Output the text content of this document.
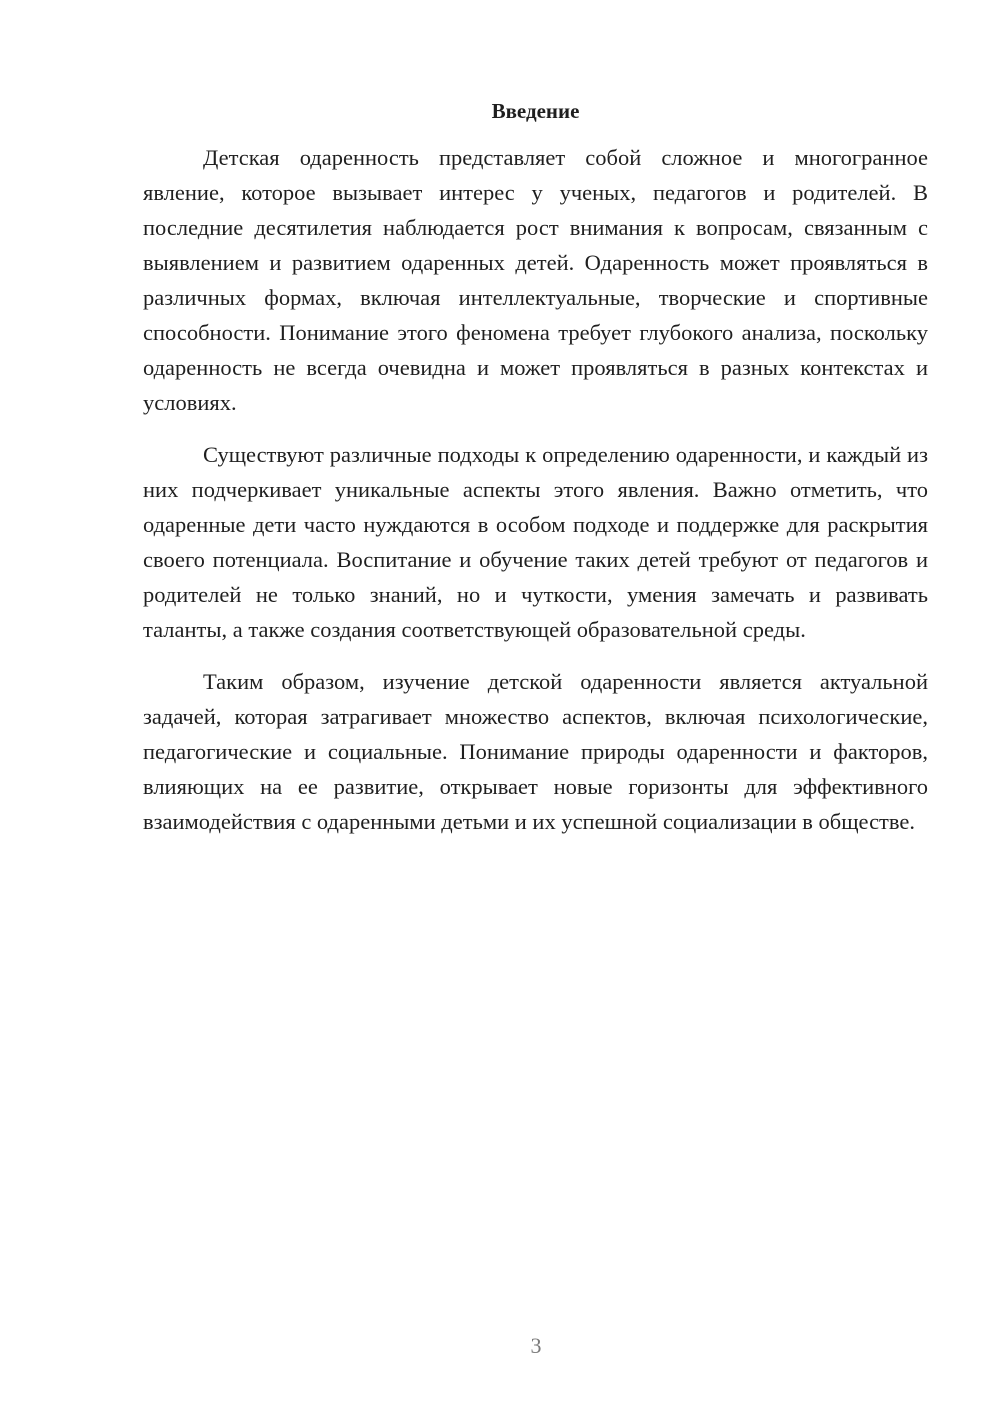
Введение

Детская одаренность представляет собой сложное и многогранное явление, которое вызывает интерес у ученых, педагогов и родителей. В последние десятилетия наблюдается рост внимания к вопросам, связанным с выявлением и развитием одаренных детей. Одаренность может проявляться в различных формах, включая интеллектуальные, творческие и спортивные способности. Понимание этого феномена требует глубокого анализа, поскольку одаренность не всегда очевидна и может проявляться в разных контекстах и условиях.

Существуют различные подходы к определению одаренности, и каждый из них подчеркивает уникальные аспекты этого явления. Важно отметить, что одаренные дети часто нуждаются в особом подходе и поддержке для раскрытия своего потенциала. Воспитание и обучение таких детей требуют от педагогов и родителей не только знаний, но и чуткости, умения замечать и развивать таланты, а также создания соответствующей образовательной среды.

Таким образом, изучение детской одаренности является актуальной задачей, которая затрагивает множество аспектов, включая психологические, педагогические и социальные. Понимание природы одаренности и факторов, влияющих на ее развитие, открывает новые горизонты для эффективного взаимодействия с одаренными детьми и их успешной социализации в обществе.

3
